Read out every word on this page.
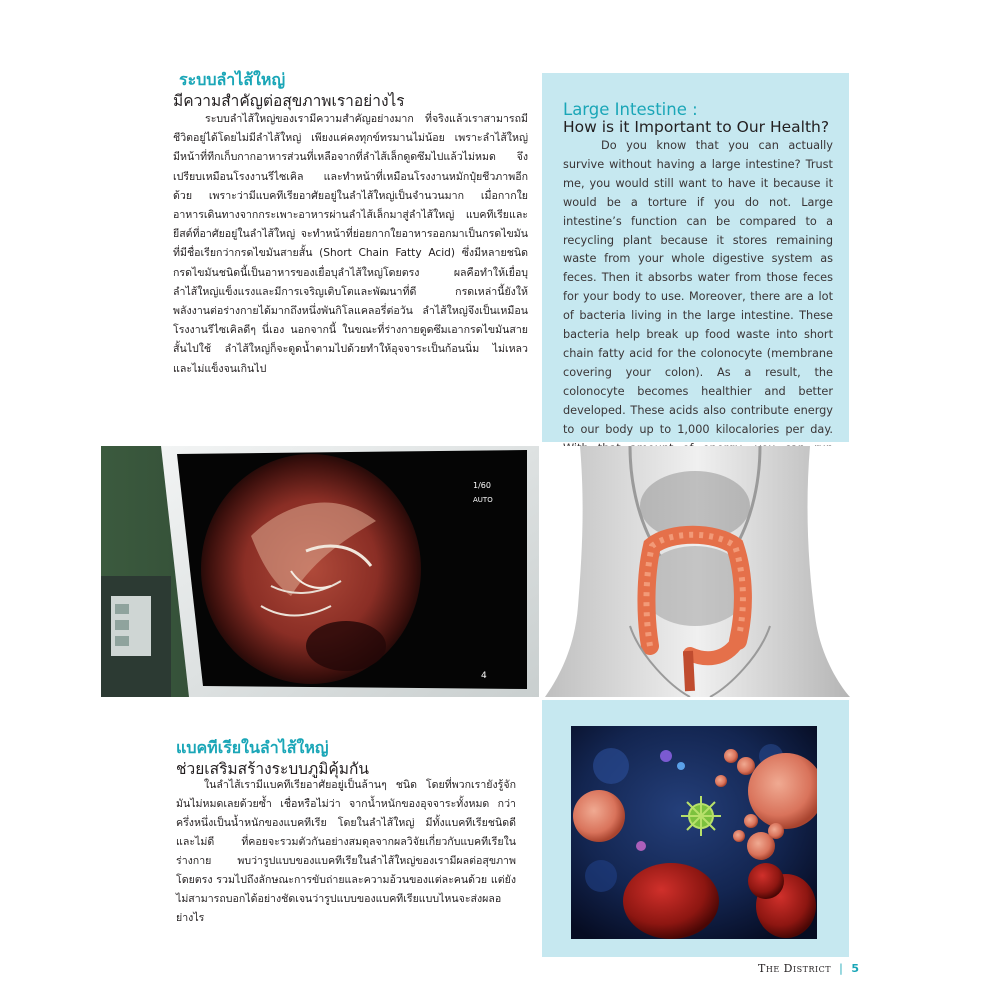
ระบบลำไส้ใหญ่
มีความสำคัญต่อสุขภาพเราอย่างไร
ระบบลำไส้ใหญ่ของเรามีความสำคัญอย่างมาก ที่จริงแล้วเราสามารถมีชีวิตอยู่ได้โดยไม่มีลำไส้ใหญ่ เพียงแค่คงทุกข์ทรมานไม่น้อย เพราะลำไส้ใหญ่มีหน้าที่ทีกเก็บกากอาหารส่วนที่เหลือจากที่ลำไส้เล็กดูดซึมไปแล้วไม่หมด จึงเปรียบเหมือนโรงงานรีไซเคิล และทำหน้าที่เหมือนโรงงานหมักปุ๋ยชีวภาพอีกด้วย เพราะว่ามีแบคทีเรียอาศัยอยู่ในลำไส้ใหญ่เป็นจำนวนมาก เมื่อกากใยอาหารเดินทางจากกระเพาะอาหารผ่านลำไส้เล็กมาสู่ลำไส้ใหญ่ แบคทีเรียและยีสต์ที่อาศัยอยู่ในลำไส้ใหญ่ จะทำหน้าที่ย่อยกากใยอาหารออกมาเป็นกรดไขมันที่มีชื่อเรียกว่ากรดไขมันสายสั้น (Short Chain Fatty Acid) ซึ่งมีหลายชนิด กรดไขมันชนิดนี้เป็นอาหารของเยื่อบุลำไส้ใหญ่โดยตรง ผลคือทำให้เยื่อบุลำไส้ใหญ่แข็งแรงและมีการเจริญเติบโตและพัฒนาที่ดี กรดเหล่านี้ยังให้พลังงานต่อร่างกายได้มากถึงหนึ่งพันกิโลแคลอรี่ต่อวัน ลำไส้ใหญ่จึงเป็นเหมือนโรงงานรีไซเคิลดีๆ นี่เอง นอกจากนี้ ในขณะที่ร่างกายดูดซึมเอากรดไขมันสายสั้นไปใช้ ลำไส้ใหญ่ก็จะดูดน้ำตามไปด้วยทำให้อุจจาระเป็นก้อนนิ่ม ไม่เหลว และไม่แข็งจนเกินไป
Large Intestine :
How is it Important to Our Health?
Do you know that you can actually survive without having a large intestine? Trust me, you would still want to have it because it would be a torture if you do not. Large intestine’s function can be compared to a recycling plant because it stores remaining waste from your whole digestive system as feces. Then it absorbs water from those feces for your body to use. Moreover, there are a lot of bacteria living in the large intestine. These bacteria help break up food waste into short chain fatty acid for the colonocyte (membrane covering your colon). As a result, the colonocyte becomes healthier and better developed. These acids also contribute energy to our body up to 1,000 kilocalories per day.
1/60
AUTO
4
แบคทีเรียในลำไส้ใหญ่
ช่วยเสริมสร้างระบบภูมิคุ้มกัน
ในลำไส้เรามีแบคทีเรียอาศัยอยู่เป็นล้านๆ ชนิด โดยที่พวกเรายังรู้จักมันไม่หมดเลยด้วยซ้ำ เชื่อหรือไม่ว่า จากน้ำหนักของอุจจาระทั้งหมด กว่าครึ่งหนึ่งเป็นน้ำหนักของแบคทีเรีย โดยในลำไส้ใหญ่ มีทั้งแบคทีเรียชนิดดีและไม่ดี ที่คอยจะรวมตัวกันอย่างสมดุลจากผลวิจัยเกี่ยวกับแบคทีเรียในร่างกาย พบว่ารูปแบบของแบคทีเรียในลำไส้ใหญ่ของเรามีผลต่อสุขภาพโดยตรง รวมไปถึงลักษณะการขับถ่ายและความอ้วนของแต่ละคนด้วย แต่ยังไม่สามารถบอกได้อย่างชัดเจนว่ารูปแบบของแบคทีเรียแบบไหนจะส่งผลอย่างไร
The District | 5
